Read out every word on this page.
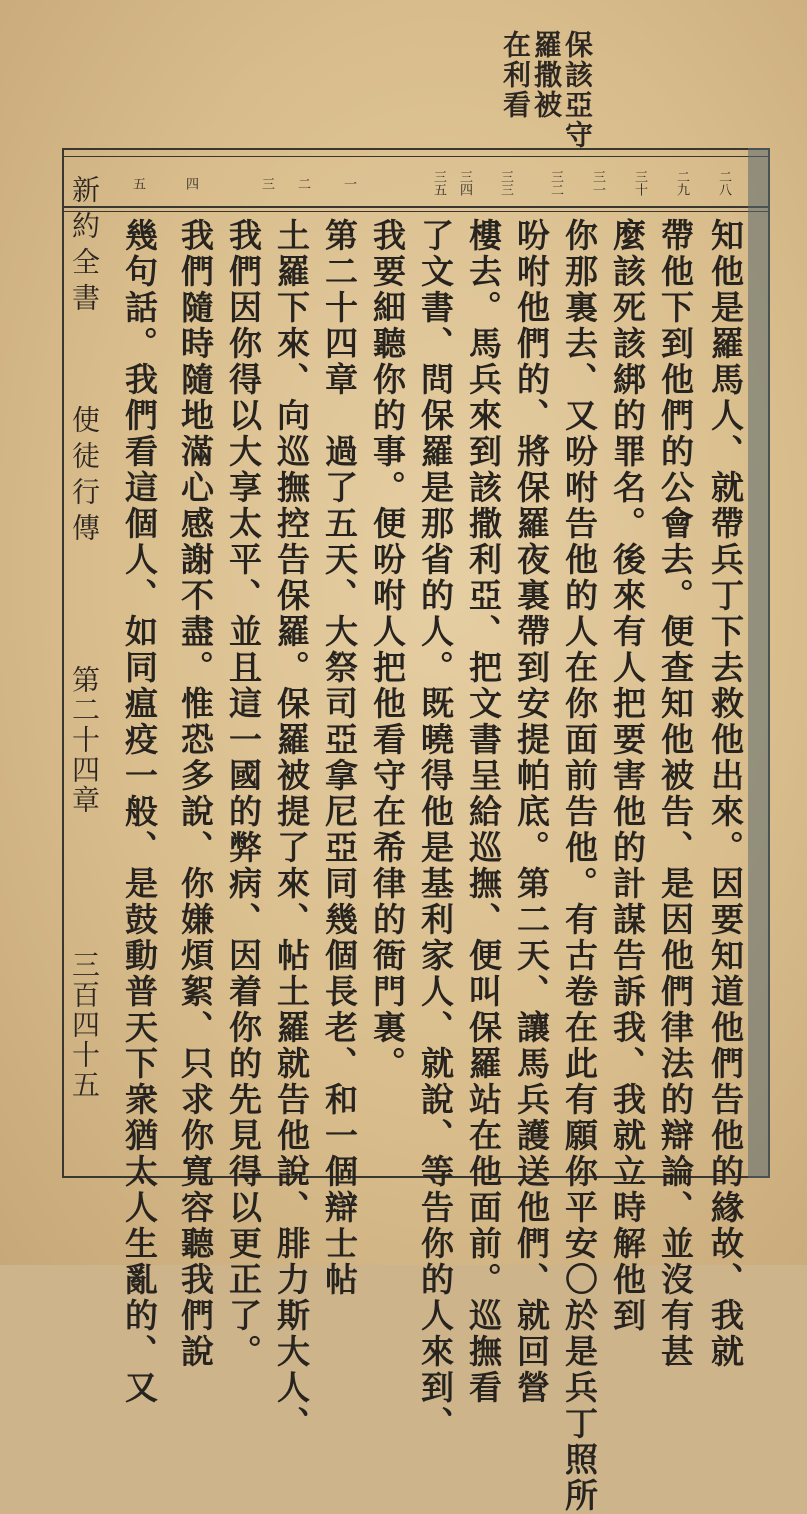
保該亞守
羅撒被
在利看
二八
二九
三十
三一
三二
三三
三四
三五
一
二
三
四
五
知他是羅馬人、就帶兵丁下去救他出來。因要知道他們告他的緣故、我就
帶他下到他們的公會去。便查知他被告、是因他們律法的辯論、並沒有甚
麼該死該綁的罪名。後來有人把要害他的計謀告訴我、我就立時解他到
你那裏去、又吩咐告他的人在你面前告他。有古卷在此有願你平安〇於是兵丁照所
吩咐他們的、將保羅夜裏帶到安提帕底。第二天、讓馬兵護送他們、就回營
樓去。馬兵來到該撒利亞、把文書呈給巡撫、便叫保羅站在他面前。巡撫看
了文書、問保羅是那省的人。既曉得他是基利家人、就說、等告你的人來到、
我要細聽你的事。便吩咐人把他看守在希律的衙門裏。
第二十四章　過了五天、大祭司亞拿尼亞同幾個長老、和一個辯士帖
土羅下來、向巡撫控告保羅。保羅被提了來、帖土羅就告他說、腓力斯大人、
我們因你得以大享太平、並且這一國的弊病、因着你的先見得以更正了。
我們隨時隨地滿心感謝不盡。惟恐多說、你嫌煩絮、只求你寬容聽我們說
幾句話。我們看這個人、如同瘟疫一般、是鼓動普天下衆猶太人生亂的、又
新約全書
使徒行傳
第二十四章
三百四十五
